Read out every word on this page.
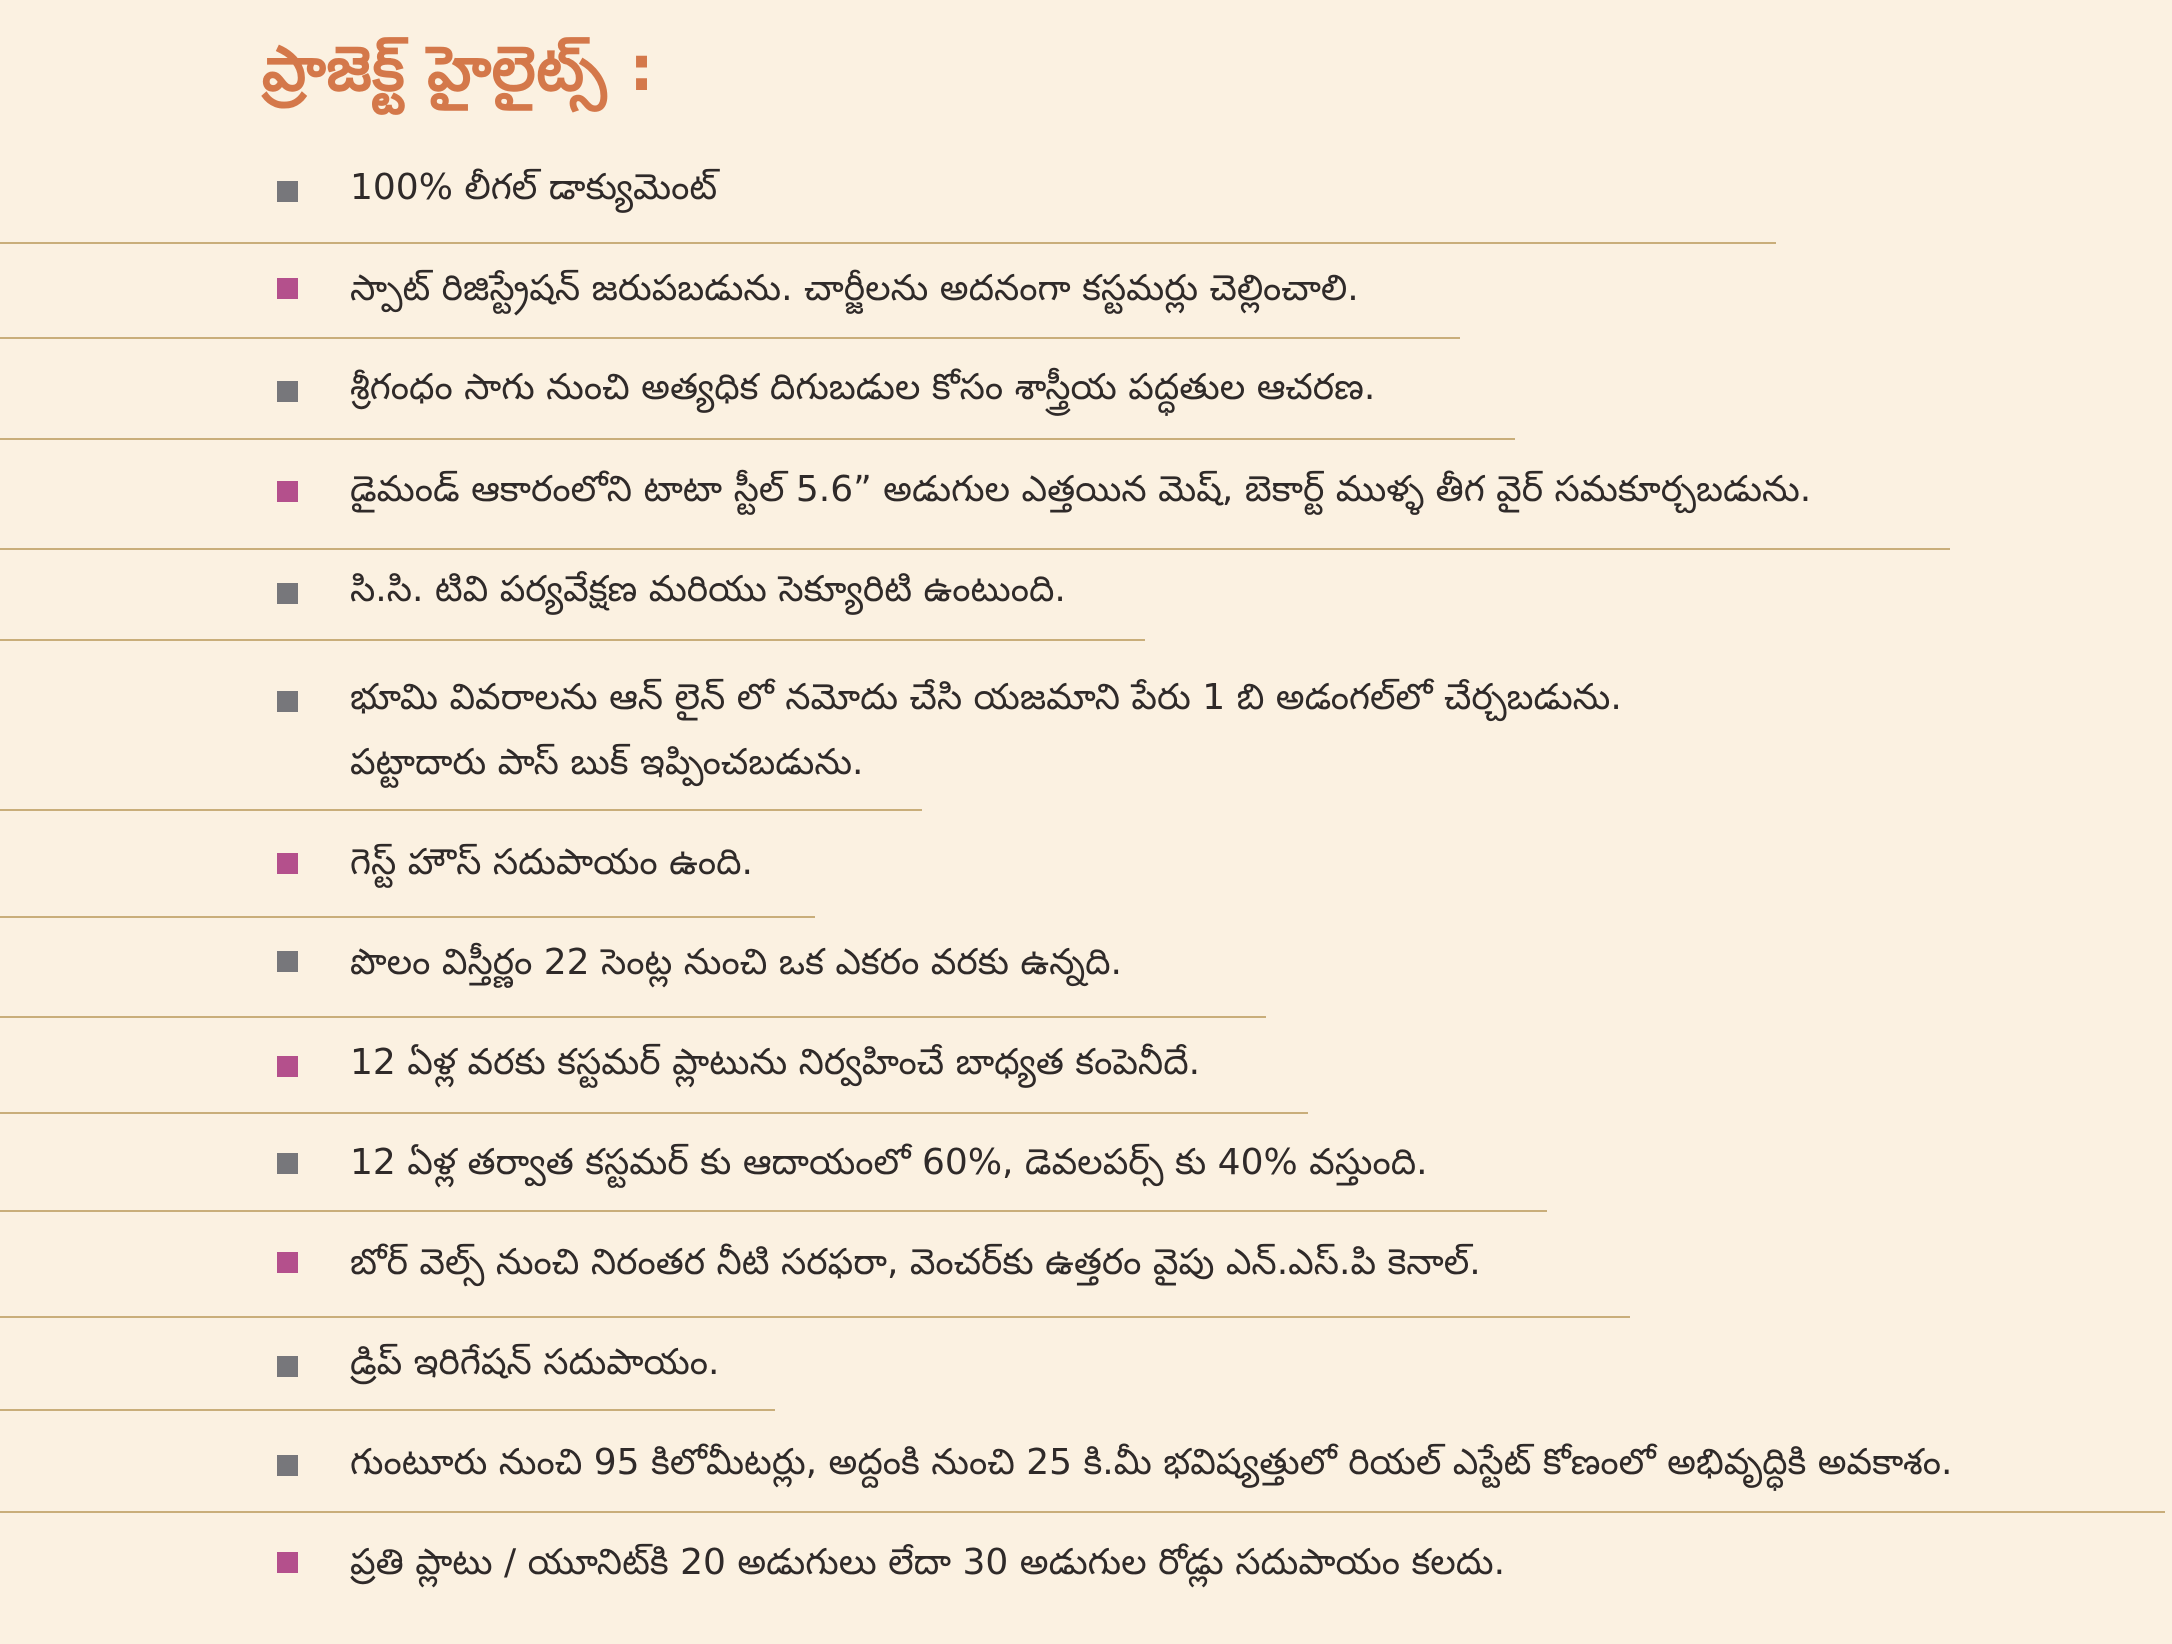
ప్రాజెక్ట్ హైలైట్స్ :
100% లీగల్ డాక్యుమెంట్
స్పాట్ రిజిస్ట్రేషన్ జరుపబడును. చార్జీలను అదనంగా కస్టమర్లు చెల్లించాలి.
శ్రీగంధం సాగు నుంచి అత్యధిక దిగుబడుల కోసం శాస్త్రీయ పద్ధతుల ఆచరణ.
డైమండ్ ఆకారంలోని టాటా స్టీల్ 5.6” అడుగుల ఎత్తయిన మెష్, బెకార్ట్ ముళ్ళ తీగ వైర్ సమకూర్చబడును.
సి.సి. టివి పర్యవేక్షణ మరియు సెక్యూరిటి ఉంటుంది.
భూమి వివరాలను ఆన్ లైన్ లో నమోదు చేసి యజమాని పేరు 1 బి అడంగల్‌లో చేర్చబడును.
పట్టాదారు పాస్ బుక్ ఇప్పించబడును.
గెస్ట్ హౌస్ సదుపాయం ఉంది.
పొలం విస్తీర్ణం 22 సెంట్ల నుంచి ఒక ఎకరం వరకు ఉన్నది.
12 ఏళ్ల వరకు కస్టమర్ ప్లాటును నిర్వహించే బాధ్యత కంపెనీదే.
12 ఏళ్ల తర్వాత కస్టమర్ కు ఆదాయంలో 60%, డెవలపర్స్ కు 40% వస్తుంది.
బోర్ వెల్స్ నుంచి నిరంతర నీటి సరఫరా, వెంచర్‌కు ఉత్తరం వైపు ఎన్.ఎస్.పి కెనాల్.
డ్రిప్ ఇరిగేషన్ సదుపాయం.
గుంటూరు నుంచి 95 కిలోమీటర్లు, అద్దంకి నుంచి 25 కి.మీ భవిష్యత్తులో రియల్ ఎస్టేట్ కోణంలో అభివృద్ధికి అవకాశం.
ప్రతి ప్లాటు / యూనిట్‌కి 20 అడుగులు లేదా 30 అడుగుల రోడ్లు సదుపాయం కలదు.
